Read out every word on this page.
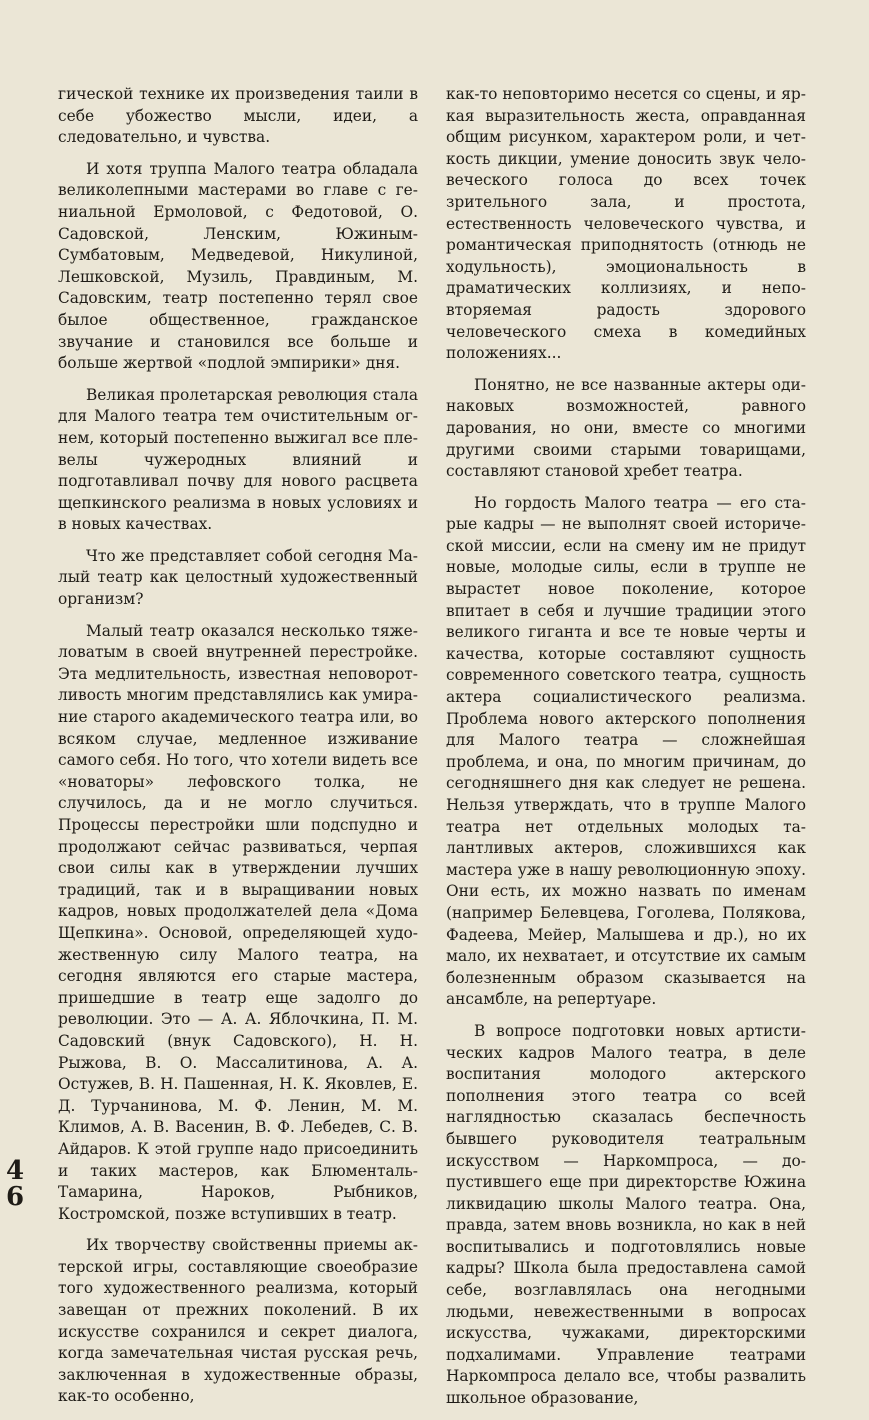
гической технике их произведения таили в себе убожество мысли, идеи, а следовательно, и чувства.

И хотя труппа Малого театра обладала великолепными мастерами во главе с гениальной Ермоловой, с Федотовой, О. Садовской, Ленским, Южиным-Сумбатовым, Медведевой, Никулиной, Лешковской, Музиль, Правдиным, М. Садовским, театр постепенно терял свое былое общественное, гражданское звучание и становился все больше и больше жертвой «подлой эмпирики» дня.

Великая пролетарская революция стала для Малого театра тем очистительным огнем, который постепенно выжигал все плевелы чужеродных влияний и подготавливал почву для нового расцвета щепкинского реализма в новых условиях и в новых качествах.

Что же представляет собой сегодня Малый театр как целостный художественный организм?

Малый театр оказался несколько тяжеловатым в своей внутренней перестройке. Эта медлительность, известная неповоротливость многим представлялись как умирание старого академического театра или, во всяком случае, медленное изживание самого себя. Но того, что хотели видеть все «новаторы» лефовского толка, не случилось, да и не могло случиться. Процессы перестройки шли подспудно и продолжают сейчас развиваться, черпая свои силы как в утверждении лучших традиций, так и в выращивании новых кадров, новых продолжателей дела «Дома Щепкина». Основой, определяющей художественную силу Малого театра, на сегодня являются его старые мастера, пришедшие в театр еще задолго до революции. Это — А. А. Яблочкина, П. М. Садовский (внук Садовского), Н. Н. Рыжова, В. О. Массалитинова, А. А. Остужев, В. Н. Пашенная, Н. К. Яковлев, Е. Д. Турчанинова, М. Ф. Ленин, М. М. Климов, А. В. Васенин, В. Ф. Лебедев, С. В. Айдаров. К этой группе надо присоединить и таких мастеров, как Блюменталь-Тамарина, Нароков, Рыбников, Костромской, позже вступивших в театр.

Их творчеству свойственны приемы актерской игры, составляющие своеобразие того художественного реализма, который завещан от прежних поколений. В их искусстве сохранился и секрет диалога, когда замечательная чистая русская речь, заключенная в художественные образы, как-то особенно,

как-то неповторимо несется со сцены, и яркая выразительность жеста, оправданная общим рисунком, характером роли, и четкость дикции, умение доносить звук человеческого голоса до всех точек зрительного зала, и простота, естественность человеческого чувства, и романтическая приподнятость (отнюдь не ходульность), эмоциональность в драматических коллизиях, и неповторяемая радость здорового человеческого смеха в комедийных положениях...

Понятно, не все названные актеры одинаковых возможностей, равного дарования, но они, вместе со многими другими своими старыми товарищами, составляют становой хребет театра.

Но гордость Малого театра — его старые кадры — не выполнят своей исторической миссии, если на смену им не придут новые, молодые силы, если в труппе не вырастет новое поколение, которое впитает в себя и лучшие традиции этого великого гиганта и все те новые черты и качества, которые составляют сущность современного советского театра, сущность актера социалистического реализма. Проблема нового актерского пополнения для Малого театра — сложнейшая проблема, и она, по многим причинам, до сегодняшнего дня как следует не решена. Нельзя утверждать, что в труппе Малого театра нет отдельных молодых талантливых актеров, сложившихся как мастера уже в нашу революционную эпоху. Они есть, их можно назвать по именам (например Белевцева, Гоголева, Полякова, Фадеева, Мейер, Малышева и др.), но их мало, их нехватает, и отсутствие их самым болезненным образом сказывается на ансамбле, на репертуаре.

В вопросе подготовки новых артистических кадров Малого театра, в деле воспитания молодого актерского пополнения этого театра со всей наглядностью сказалась беспечность бывшего руководителя театральным искусством — Наркомпроса, — допустившего еще при директорстве Южина ликвидацию школы Малого театра. Она, правда, затем вновь возникла, но как в ней воспитывались и подготовлялись новые кадры? Школа была предоставлена самой себе, возглавлялась она негодными людьми, невежественными в вопросах искусства, чужаками, директорскими подхалимами. Управление театрами Наркомпроса делало все, чтобы развалить школьное образование,

46
